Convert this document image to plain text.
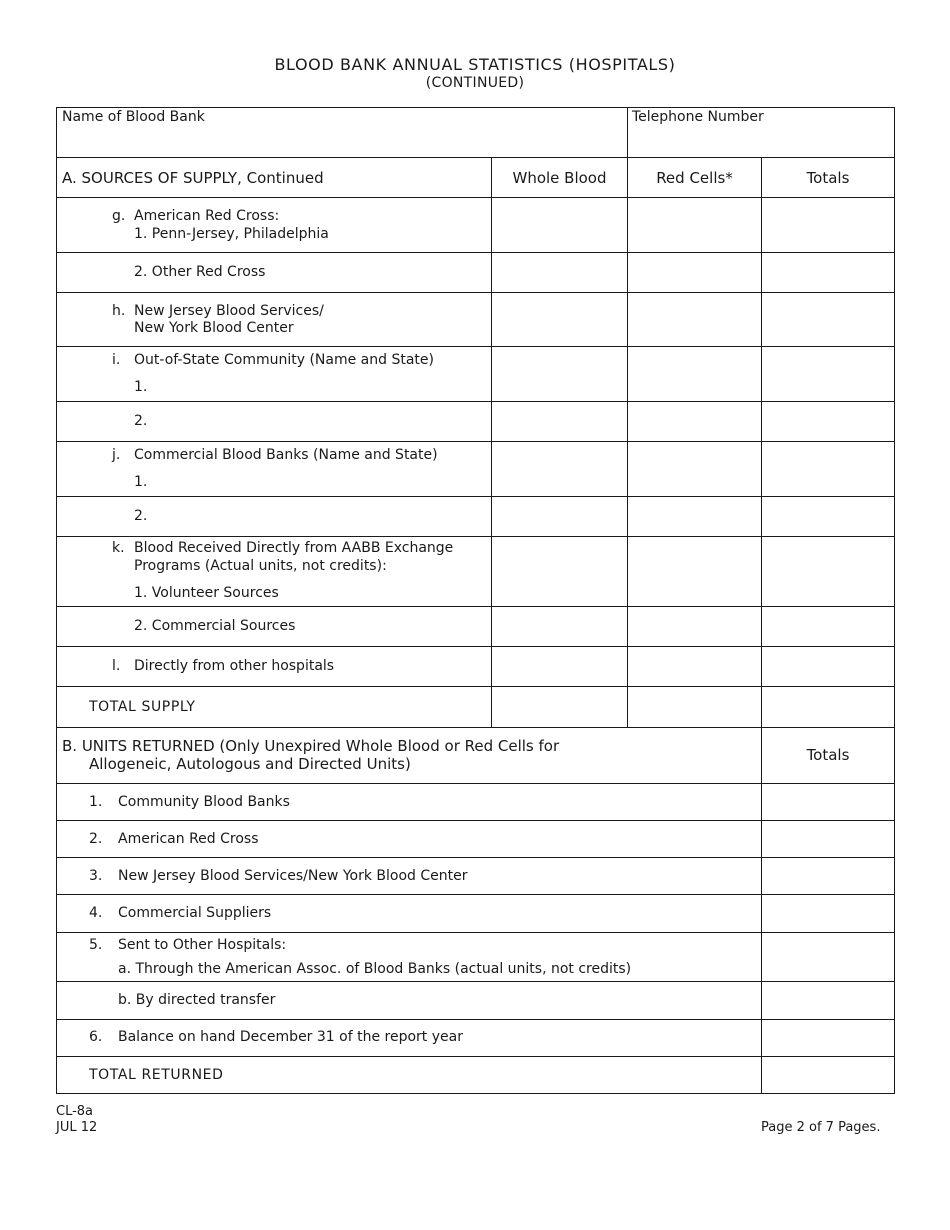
BLOOD BANK ANNUAL STATISTICS (HOSPITALS)
(CONTINUED)
Name of Blood Bank	Telephone Number
A. SOURCES OF SUPPLY, Continued	Whole Blood	Red Cells*	Totals
g. American Red Cross:
1. Penn-Jersey, Philadelphia
2. Other Red Cross
h. New Jersey Blood Services/
New York Blood Center
i. Out-of-State Community (Name and State)
1.
2.
j. Commercial Blood Banks (Name and State)
1.
2.
k. Blood Received Directly from AABB Exchange
Programs (Actual units, not credits):
1. Volunteer Sources
2. Commercial Sources
l. Directly from other hospitals
TOTAL SUPPLY
B. UNITS RETURNED (Only Unexpired Whole Blood or Red Cells for
Allogeneic, Autologous and Directed Units)	Totals
1. Community Blood Banks
2. American Red Cross
3. New Jersey Blood Services/New York Blood Center
4. Commercial Suppliers
5. Sent to Other Hospitals:
a. Through the American Assoc. of Blood Banks (actual units, not credits)
b. By directed transfer
6. Balance on hand December 31 of the report year
TOTAL RETURNED
CL-8a
JUL 12	Page 2 of 7 Pages.
